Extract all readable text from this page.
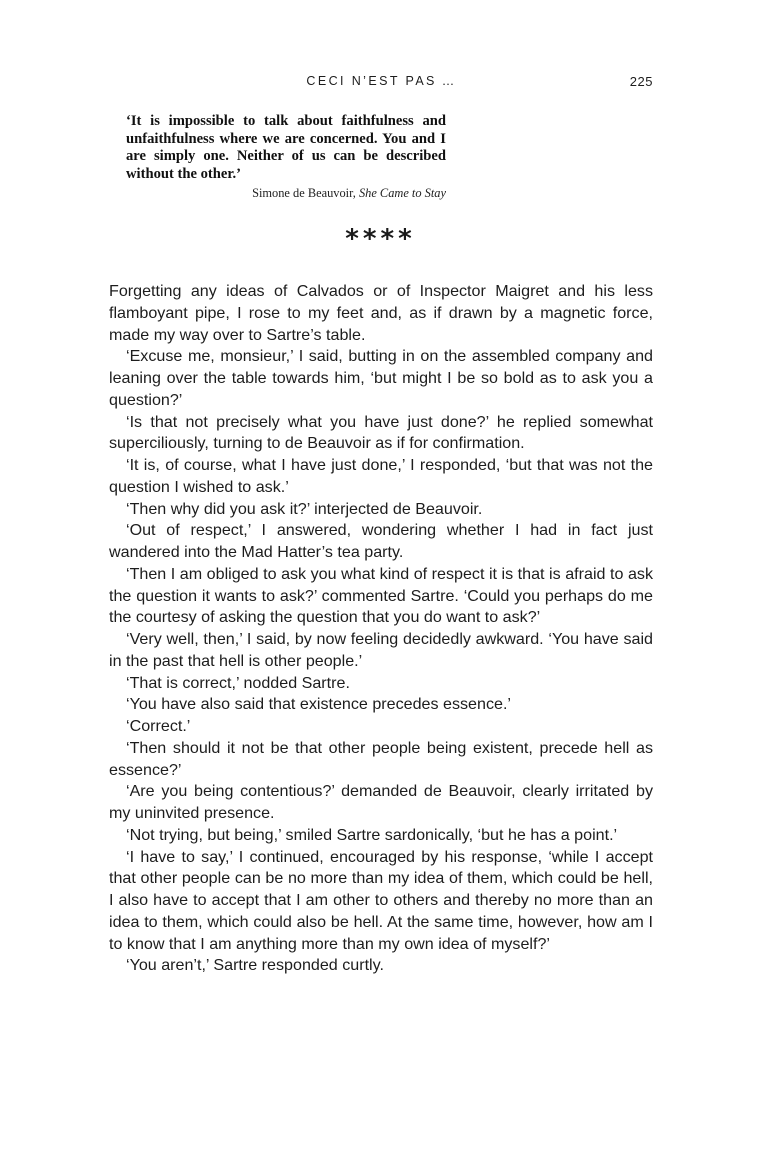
CECI N’EST PAS …	225

‘It is impossible to talk about faithfulness and unfaithfulness where we are concerned. You and I are simply one. Neither of us can be described without the other.’

Simone de Beauvoir, She Came to Stay

****

Forgetting any ideas of Calvados or of Inspector Maigret and his less flamboyant pipe, I rose to my feet and, as if drawn by a magnetic force, made my way over to Sartre’s table.

‘Excuse me, monsieur,’ I said, butting in on the assembled company and leaning over the table towards him, ‘but might I be so bold as to ask you a question?’

‘Is that not precisely what you have just done?’ he replied somewhat superciliously, turning to de Beauvoir as if for confirmation.

‘It is, of course, what I have just done,’ I responded, ‘but that was not the question I wished to ask.’

‘Then why did you ask it?’ interjected de Beauvoir.

‘Out of respect,’ I answered, wondering whether I had in fact just wandered into the Mad Hatter’s tea party.

‘Then I am obliged to ask you what kind of respect it is that is afraid to ask the question it wants to ask?’ commented Sartre. ‘Could you perhaps do me the courtesy of asking the question that you do want to ask?’

‘Very well, then,’ I said, by now feeling decidedly awkward. ‘You have said in the past that hell is other people.’

‘That is correct,’ nodded Sartre.

‘You have also said that existence precedes essence.’

‘Correct.’

‘Then should it not be that other people being existent, precede hell as essence?’

‘Are you being contentious?’ demanded de Beauvoir, clearly irritated by my uninvited presence.

‘Not trying, but being,’ smiled Sartre sardonically, ‘but he has a point.’

‘I have to say,’ I continued, encouraged by his response, ‘while I accept that other people can be no more than my idea of them, which could be hell, I also have to accept that I am other to others and thereby no more than an idea to them, which could also be hell. At the same time, however, how am I to know that I am anything more than my own idea of myself?’

‘You aren’t,’ Sartre responded curtly.
